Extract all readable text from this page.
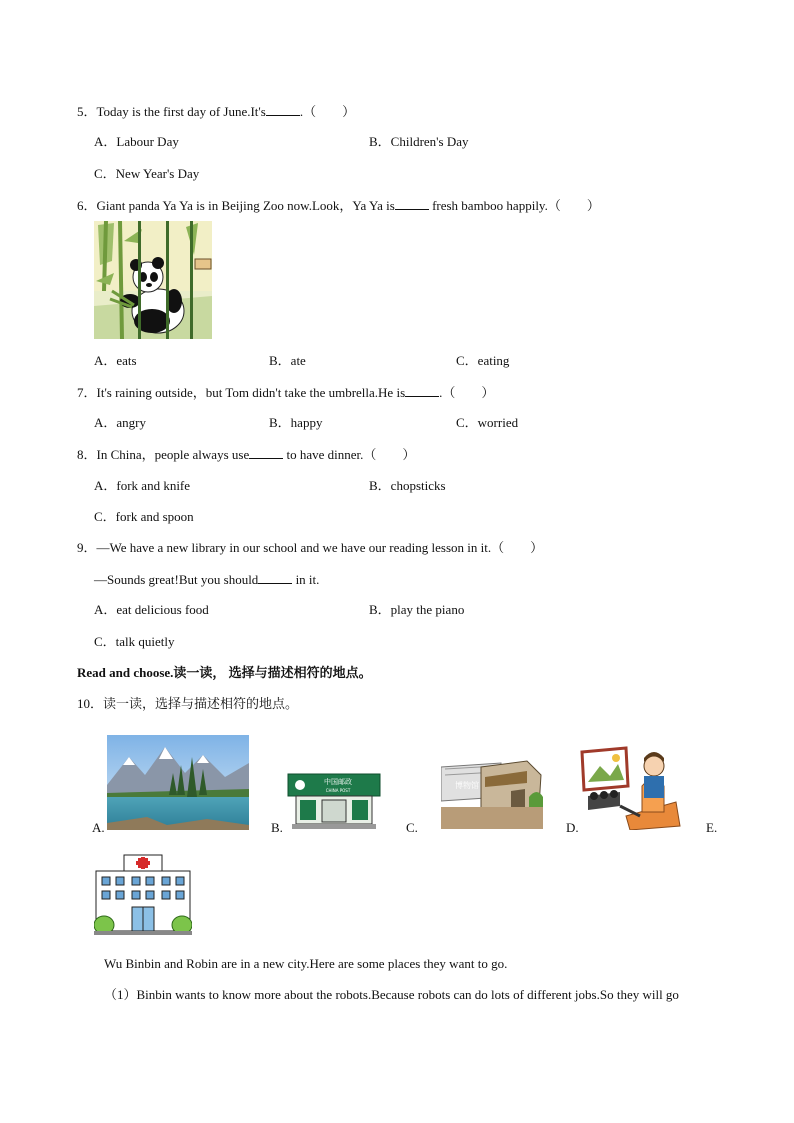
5．Today is the first day of June.It's	.（　　）
A．Labour Day	B．Children's Day
C．New Year's Day
6．Giant panda Ya Ya is in Beijing Zoo now.Look，Ya Ya is	fresh bamboo happily.（　　）
A．eats	B．ate	C．eating
7．It's raining outside，but Tom didn't take the umbrella.He is	.（　　）
A．angry	B．happy	C．worried
8．In China，people always use	to have dinner.（　　）
A．fork and knife	B．chopsticks
C．fork and spoon
9．—We have a new library in our school and we have our reading lesson in it.（　　）
—Sounds great!But you should	in it.
A．eat delicious food	B．play the piano
C．talk quietly
Read and choose.读一读， 选择与描述相符的地点。
10．读一读，选择与描述相符的地点。
A.	B.
中国邮政
CHINA POST
C.
博物馆
D.	E.
Wu Binbin and Robin are in a new city.Here are some places they want to go.
（1）Binbin wants to know more about the robots.Because robots can do lots of different jobs.So they will go
